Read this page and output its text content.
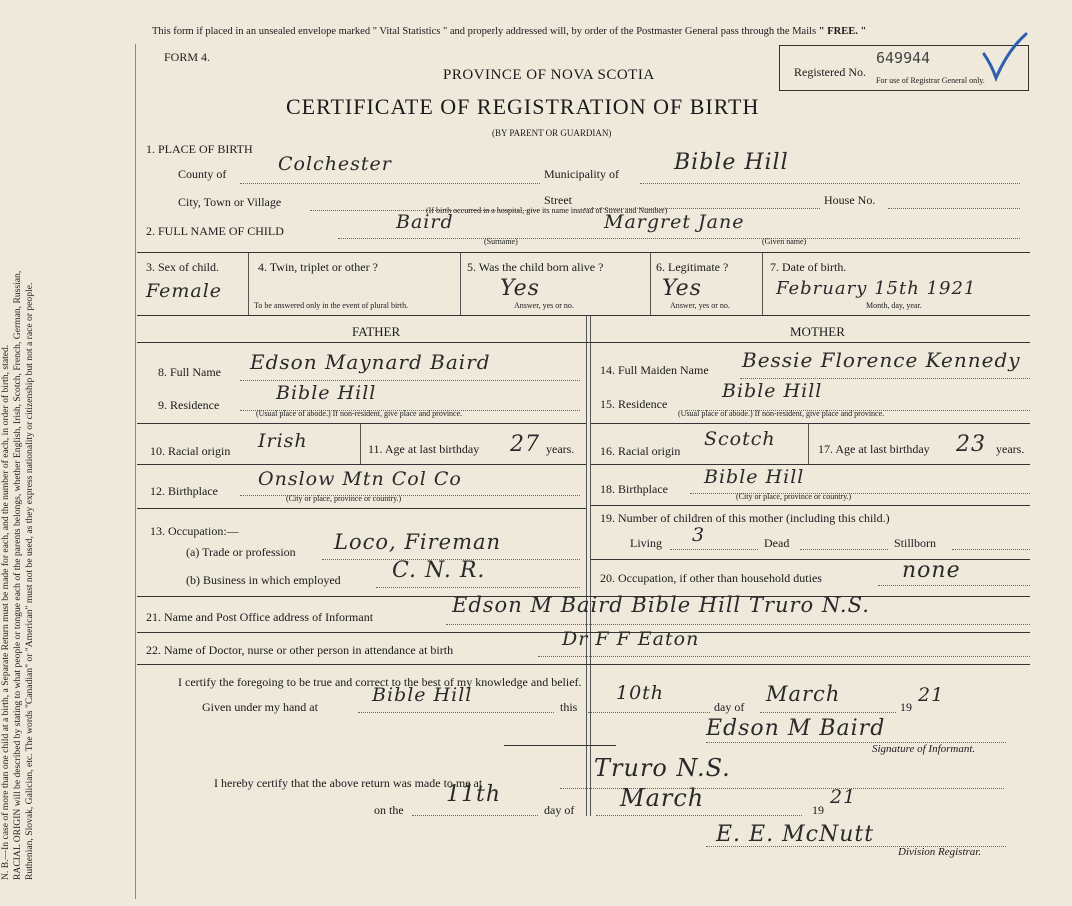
N. B.—In case of more than one child at a birth, a Separate Return must be made for each, and the number of each, in order of birth, stated. RACIAL ORIGIN will be described by stating to what people or tongue each of the parents belongs, whether English, Irish, Scotch, French, German, Russian, Ruthenian, Slovak, Galician, etc. The words "Canadian" or "American" must not be used, as they express nationality or citizenship but not a race or people.
This form if placed in an unsealed envelope marked " Vital Statistics " and properly addressed will, by order of the Postmaster General pass through the Mails " FREE. "
FORM 4.
PROVINCE OF NOVA SCOTIA
CERTIFICATE OF REGISTRATION OF BIRTH
(BY PARENT OR GUARDIAN)
Registered No.
649944
For use of Registrar General only.
1. PLACE OF BIRTH
County of	Colchester	Municipality of	Bible Hill
City, Town or Village	Street	House No.
(If birth occurred in a hospital, give its name instead of Street and Number)
2. FULL NAME OF CHILD	Baird	Margret Jane
(Surname)	(Given name)
3. Sex of child.
Female
4. Twin, triplet or other ?
To be answered only in the event of plural birth.
5. Was the child born alive ?
Yes
Answer, yes or no.
6. Legitimate ?
Yes
Answer, yes or no.
7. Date of birth.
February 15th 1921
Month, day, year.
FATHER	MOTHER
8. Full Name Edson Maynard Baird
9. Residence
Bible Hill
(Usual place of abode.) If non-resident, give place and province.
10. Racial origin Irish	11. Age at last birthday 27 years.
12. Birthplace
Onslow Mtn Col Co
(City or place, province or country.)
13. Occupation:—
(a) Trade or profession Loco, Fireman
(b) Business in which employed C. N. R.
14. Full Maiden Name Bessie Florence Kennedy
15. Residence
Bible Hill
(Usual place of abode.) If non-resident, give place and province.
16. Racial origin
Scotch	17. Age at last birthday 23 years.
18. Birthplace
Bible Hill
(City or place, province or country.)
19. Number of children of this mother (including this child.)
Living 3	Dead	Stillborn
20. Occupation, if other than household duties	none
21. Name and Post Office address of Informant	Edson M Baird Bible Hill Truro N.S.
22. Name of Doctor, nurse or other person in attendance at birth	Dr F F Eaton
I certify the foregoing to be true and correct to the best of my knowledge and belief.
Given under my hand at
Bible Hill
this
10th
day of
March
19
21
Edson M Baird
Signature of Informant.
I hereby certify that the above return was made to me at
Truro N.S.
on the
11th
day of March	19
21
E. E. McNutt
Division Registrar.
